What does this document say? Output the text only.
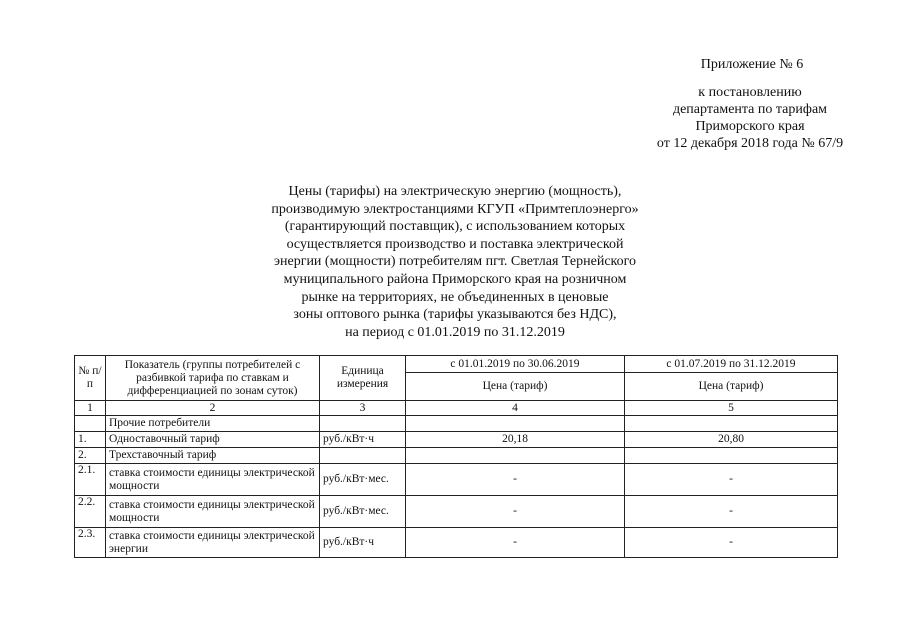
Приложение № 6
к постановлению
департамента по тарифам
Приморского края
от 12 декабря 2018 года № 67/9
Цены (тарифы) на электрическую энергию (мощность),
производимую электростанциями КГУП «Примтеплоэнерго»
(гарантирующий поставщик), с использованием которых
осуществляется производство и поставка электрической
энергии (мощности) потребителям пгт. Светлая Тернейского
муниципального района Приморского края на розничном
рынке на территориях, не объединенных в ценовые
зоны оптового рынка (тарифы указываются без НДС),
на период с 01.01.2019 по 31.12.2019
№ п/п	Показатель (группы потребителей с разбивкой тарифа по ставкам и дифференциацией по зонам суток)	Единица измерения	с 01.01.2019 по 30.06.2019	с 01.07.2019 по 31.12.2019
			Цена (тариф)	Цена (тариф)
1	2	3	4	5
	Прочие потребители			
1.	Одноставочный тариф	руб./кВт·ч	20,18	20,80
2.	Трехставочный тариф			
2.1.	ставка стоимости единицы электрической мощности	руб./кВт·мес.	-	-
2.2.	ставка стоимости единицы электрической мощности	руб./кВт·мес.	-	-
2.3.	ставка стоимости единицы электрической энергии	руб./кВт·ч	-	-
